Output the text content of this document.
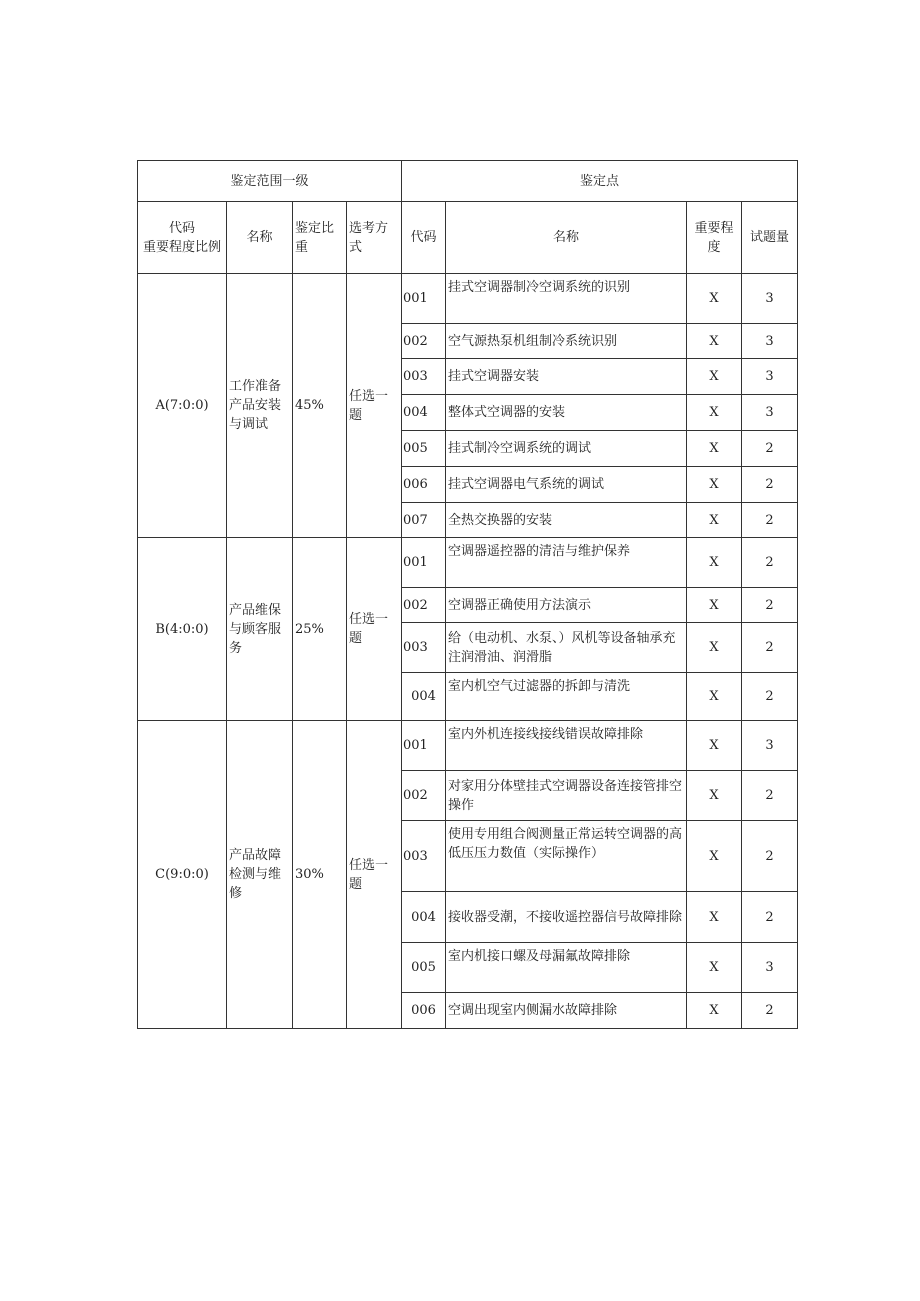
鉴定范围一级				鉴定点			
代码
重要程度比例	名称	鉴定比重	选考方式	代码	名称	重要程度	试题量
A(7:0:0)	工作准备产品安装与调试	45%	任选一题	001	挂式空调器制冷空调系统的识别	X	3
				002	空气源热泵机组制冷系统识别	X	3
				003	挂式空调器安装	X	3
				004	整体式空调器的安装	X	3
				005	挂式制冷空调系统的调试	X	2
				006	挂式空调器电气系统的调试	X	2
				007	全热交换器的安装	X	2
B(4:0:0)	产品维保与顾客服务	25%	任选一题	001	空调器遥控器的清洁与维护保养	X	2
				002	空调器正确使用方法演示	X	2
				003	给（电动机、水泵、）风机等设备轴承充注润滑油、润滑脂	X	2
				004	室内机空气过滤器的拆卸与清洗	X	2
C(9:0:0)	产品故障检测与维修	30%	任选一题	001	室内外机连接线接线错误故障排除	X	3
				002	对家用分体壁挂式空调器设备连接管排空操作	X	2
				003	使用专用组合阀测量正常运转空调器的高低压压力数值（实际操作）	X	2
				004	接收器受潮，不接收遥控器信号故障排除	X	2
				005	室内机接口螺及母漏氟故障排除	X	3
				006	空调出现室内侧漏水故障排除	X	2
